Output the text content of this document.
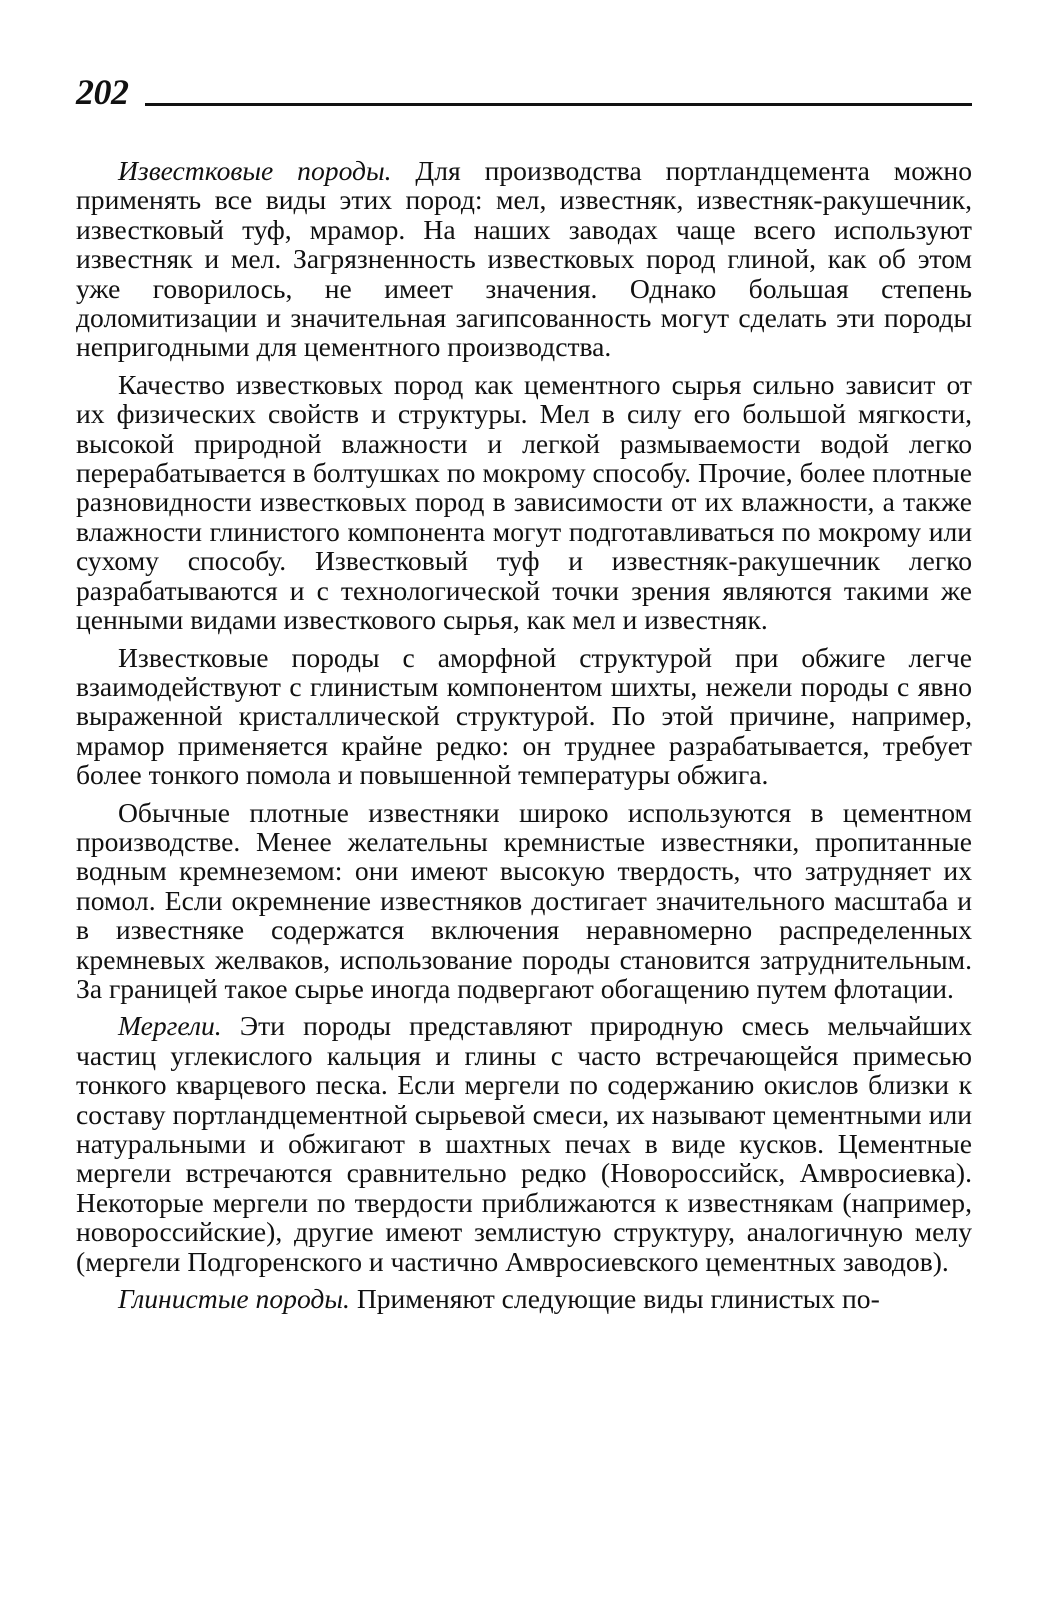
202

Известковые породы. Для производства портландцемента можно применять все виды этих пород: мел, известняк, известняк-ракушечник, известковый туф, мрамор. На наших заводах чаще всего используют известняк и мел. Загрязненность известковых пород глиной, как об этом уже говорилось, не имеет значения. Однако большая степень доломитизации и значительная загипсованность могут сделать эти породы непригодными для цементного производства.

Качество известковых пород как цементного сырья сильно зависит от их физических свойств и структуры. Мел в силу его большой мягкости, высокой природной влажности и легкой размываемости водой легко перерабатывается в болтушках по мокрому способу. Прочие, более плотные разновидности известковых пород в зависимости от их влажности, а также влажности глинистого компонента могут подготавливаться по мокрому или сухому способу. Известковый туф и известняк-ракушечник легко разрабатываются и с технологической точки зрения являются такими же ценными видами известкового сырья, как мел и известняк.

Известковые породы с аморфной структурой при обжиге легче взаимодействуют с глинистым компонентом шихты, нежели породы с явно выраженной кристаллической структурой. По этой причине, например, мрамор применяется крайне редко: он труднее разрабатывается, требует более тонкого помола и повышенной температуры обжига.

Обычные плотные известняки широко используются в цементном производстве. Менее желательны кремнистые известняки, пропитанные водным кремнеземом: они имеют высокую твердость, что затрудняет их помол. Если окремнение известняков достигает значительного масштаба и в известняке содержатся включения неравномерно распределенных кремневых желваков, использование породы становится затруднительным. За границей такое сырье иногда подвергают обогащению путем флотации.

Мергели. Эти породы представляют природную смесь мельчайших частиц углекислого кальция и глины с часто встречающейся примесью тонкого кварцевого песка. Если мергели по содержанию окислов близки к составу портландцементной сырьевой смеси, их называют цементными или натуральными и обжигают в шахтных печах в виде кусков. Цементные мергели встречаются сравнительно редко (Новороссийск, Амвросиевка). Некоторые мергели по твердости приближаются к известнякам (например, новороссийские), другие имеют землистую структуру, аналогичную мелу (мергели Подгоренского и частично Амвросиевского цементных заводов).

Глинистые породы. Применяют следующие виды глинистых по-
